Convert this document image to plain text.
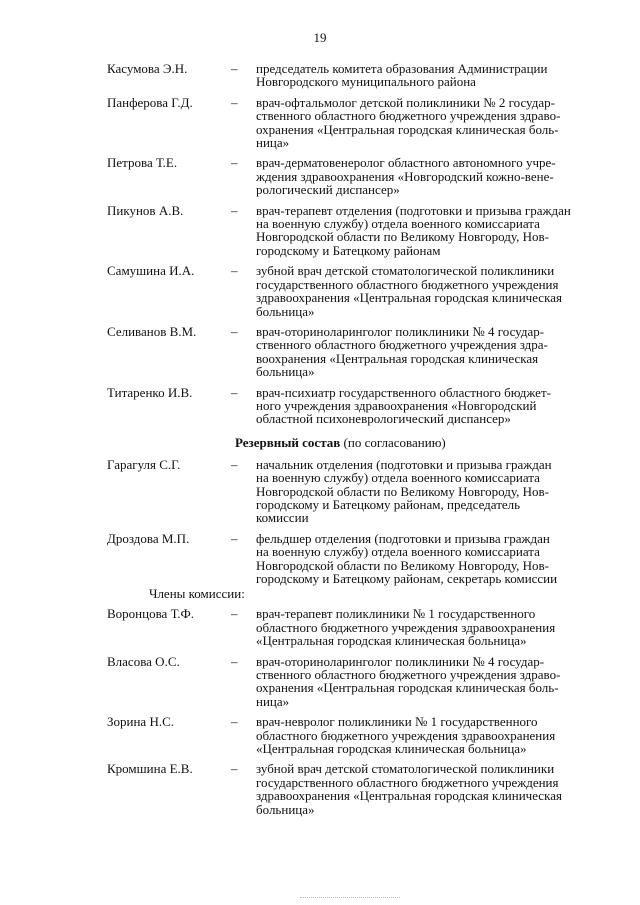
19
Касумова Э.Н.	–	председатель комитета образования Администрации
Новгородского муниципального района
Панферова Г.Д.	–	врач-офтальмолог детской поликлиники № 2 государ-
ственного областного бюджетного учреждения здраво-
охранения «Центральная городская клиническая боль-
ница»
Петрова Т.Е.	–	врач-дерматовенеролог областного автономного учре-
ждения здравоохранения «Новгородский кожно-вене-
рологический диспансер»
Пикунов А.В.	–	врач-терапевт отделения (подготовки и призыва граждан
на военную службу) отдела военного комиссариата
Новгородской области по Великому Новгороду, Нов-
городскому и Батецкому районам
Самушина И.А.	–	зубной врач детской стоматологической поликлиники
государственного областного бюджетного учреждения
здравоохранения «Центральная городская клиническая
больница»
Селиванов В.М.	–	врач-оториноларинголог поликлиники № 4 государ-
ственного областного бюджетного учреждения здра-
воохранения «Центральная городская клиническая
больница»
Титаренко И.В.	–	врач-психиатр государственного областного бюджет-
ного учреждения здравоохранения «Новгородский
областной психоневрологический диспансер»
Резервный состав (по согласованию)
Гарагуля С.Г.	–	начальник отделения (подготовки и призыва граждан
на военную службу) отдела военного комиссариата
Новгородской области по Великому Новгороду, Нов-
городскому и Батецкому районам, председатель
комиссии
Дроздова М.П.	–	фельдшер отделения (подготовки и призыва граждан
на военную службу) отдела военного комиссариата
Новгородской области по Великому Новгороду, Нов-
городскому и Батецкому районам, секретарь комиссии
Члены комиссии:
Воронцова Т.Ф.	–	врач-терапевт поликлиники № 1 государственного
областного бюджетного учреждения здравоохранения
«Центральная городская клиническая больница»
Власова О.С.	–	врач-оториноларинголог поликлиники № 4 государ-
ственного областного бюджетного учреждения здраво-
охранения «Центральная городская клиническая боль-
ница»
Зорина Н.С.	–	врач-невролог поликлиники № 1 государственного
областного бюджетного учреждения здравоохранения
«Центральная городская клиническая больница»
Кромшина Е.В.	–	зубной врач детской стоматологической поликлиники
государственного областного бюджетного учреждения
здравоохранения «Центральная городская клиническая
больница»
